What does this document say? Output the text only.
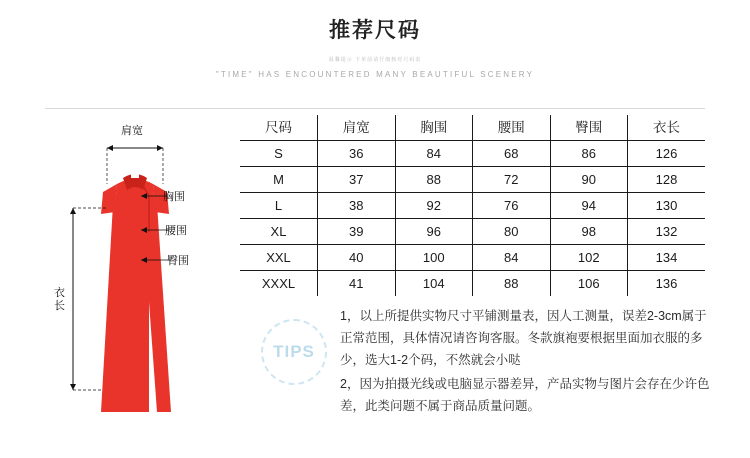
推荐尺码
温馨提示 下单前请仔细核对尺码表
"TIME" HAS ENCOUNTERED MANY BEAUTIFUL SCENERY
肩宽
衣长
胸围
腰围
臀围
尺码	肩宽	胸围	腰围	臀围	衣长
S	36	84	68	86	126
M	37	88	72	90	128
L	38	92	76	94	130
XL	39	96	80	98	132
XXL	40	100	84	102	134
XXXL	41	104	88	106	136
TIPS

1，以上所提供实物尺寸平铺测量表，因人工测量，误差2-3cm属于正常范围，具体情况请咨询客服。冬款旗袍要根据里面加衣服的多少，选大1-2个码，不然就会小哒

2，因为拍摄光线或电脑显示器差异，产品实物与图片会存在少许色差，此类问题不属于商品质量问题。
